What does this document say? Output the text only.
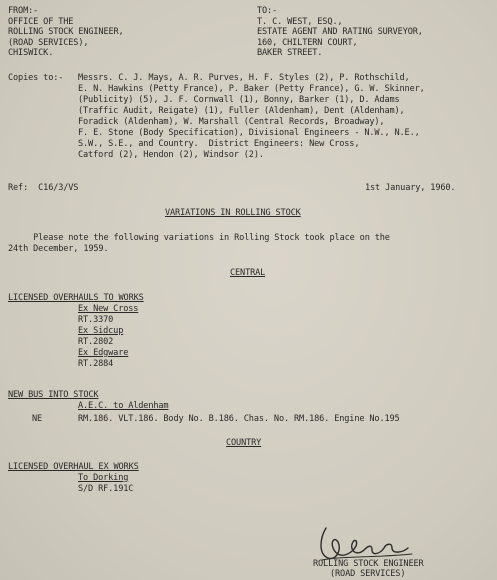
FROM:-
OFFICE OF THE
ROLLING STOCK ENGINEER,
(ROAD SERVICES),
CHISWICK.
TO:-
T. C. WEST, ESQ.,
ESTATE AGENT AND RATING SURVEYOR,
160, CHILTERN COURT,
BAKER STREET.
Copies to:- Messrs. C. J. Mays, A. R. Purves, H. F. Styles (2), P. Rothschild,
E. N. Hawkins (Petty France), P. Baker (Petty France), G. W. Skinner,
(Publicity) (5), J. F. Cornwall (1), Bonny, Barker (1), D. Adams
(Traffic Audit, Reigate) (1), Fuller (Aldenham), Dent (Aldenham),
Foradick (Aldenham), W. Marshall (Central Records, Broadway),
F. E. Stone (Body Specification), Divisional Engineers - N.W., N.E.,
S.W., S.E., and Country.  District Engineers: New Cross,
Catford (2), Hendon (2), Windsor (2).
Ref:  C16/3/VS	1st January, 1960.
VARIATIONS IN ROLLING STOCK
Please note the following variations in Rolling Stock took place on the
24th December, 1959.
CENTRAL
LICENSED OVERHAULS TO WORKS
Ex New Cross
RT.3370
Ex Sidcup
RT.2802
Ex Edgware
RT.2884
NEW BUS INTO STOCK
A.E.C. to Aldenham
NE	RM.186. VLT.186. Body No. B.186. Chas. No. RM.186. Engine No.195
COUNTRY
LICENSED OVERHAUL EX WORKS
To Dorking
S/D RF.191C
ROLLING STOCK ENGINEER
(ROAD SERVICES)
